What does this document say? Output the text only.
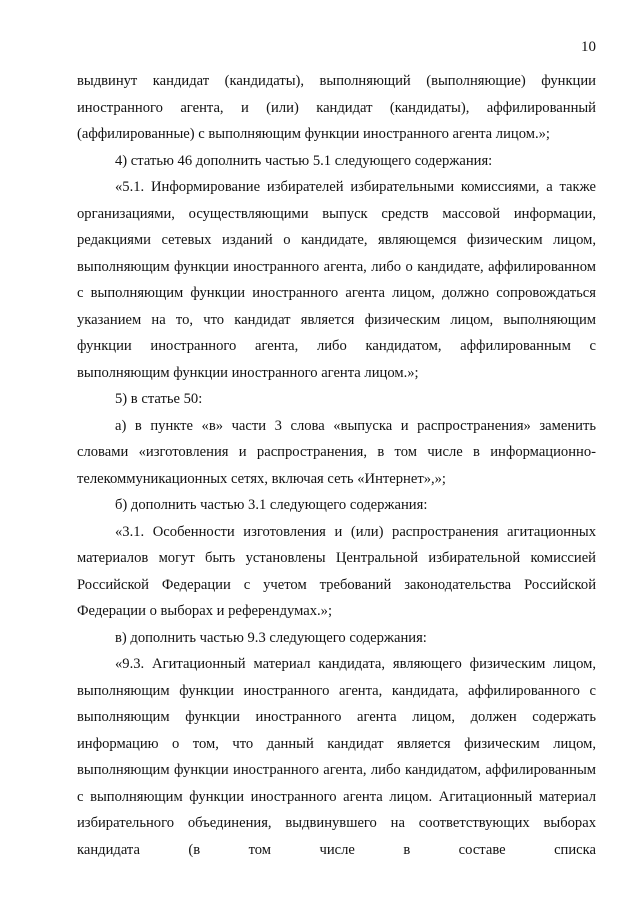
10

выдвинут кандидат (кандидаты), выполняющий (выполняющие) функции иностранного агента, и (или) кандидат (кандидаты), аффилированный (аффилированные) с выполняющим функции иностранного агента лицом.»;

4) статью 46 дополнить частью 5.1 следующего содержания:

«5.1. Информирование избирателей избирательными комиссиями, а также организациями, осуществляющими выпуск средств массовой информации, редакциями сетевых изданий о кандидате, являющемся физическим лицом, выполняющим функции иностранного агента, либо о кандидате, аффилированном с выполняющим функции иностранного агента лицом, должно сопровождаться указанием на то, что кандидат является физическим лицом, выполняющим функции иностранного агента, либо кандидатом, аффилированным с выполняющим функции иностранного агента лицом.»;

5) в статье 50:

а) в пункте «в» части 3 слова «выпуска и распространения» заменить словами «изготовления и распространения, в том числе в информационно-телекоммуникационных сетях, включая сеть «Интернет»,»;

б) дополнить частью 3.1 следующего содержания:

«3.1. Особенности изготовления и (или) распространения агитационных материалов могут быть установлены Центральной избирательной комиссией Российской Федерации с учетом требований законодательства Российской Федерации о выборах и референдумах.»;

в) дополнить частью 9.3 следующего содержания:

«9.3. Агитационный материал кандидата, являющего физическим лицом, выполняющим функции иностранного агента, кандидата, аффилированного с выполняющим функции иностранного агента лицом, должен содержать информацию о том, что данный кандидат является физическим лицом, выполняющим функции иностранного агента, либо кандидатом, аффилированным с выполняющим функции иностранного агента лицом. Агитационный материал избирательного объединения, выдвинувшего на соответствующих выборах кандидата (в том числе в составе списка
